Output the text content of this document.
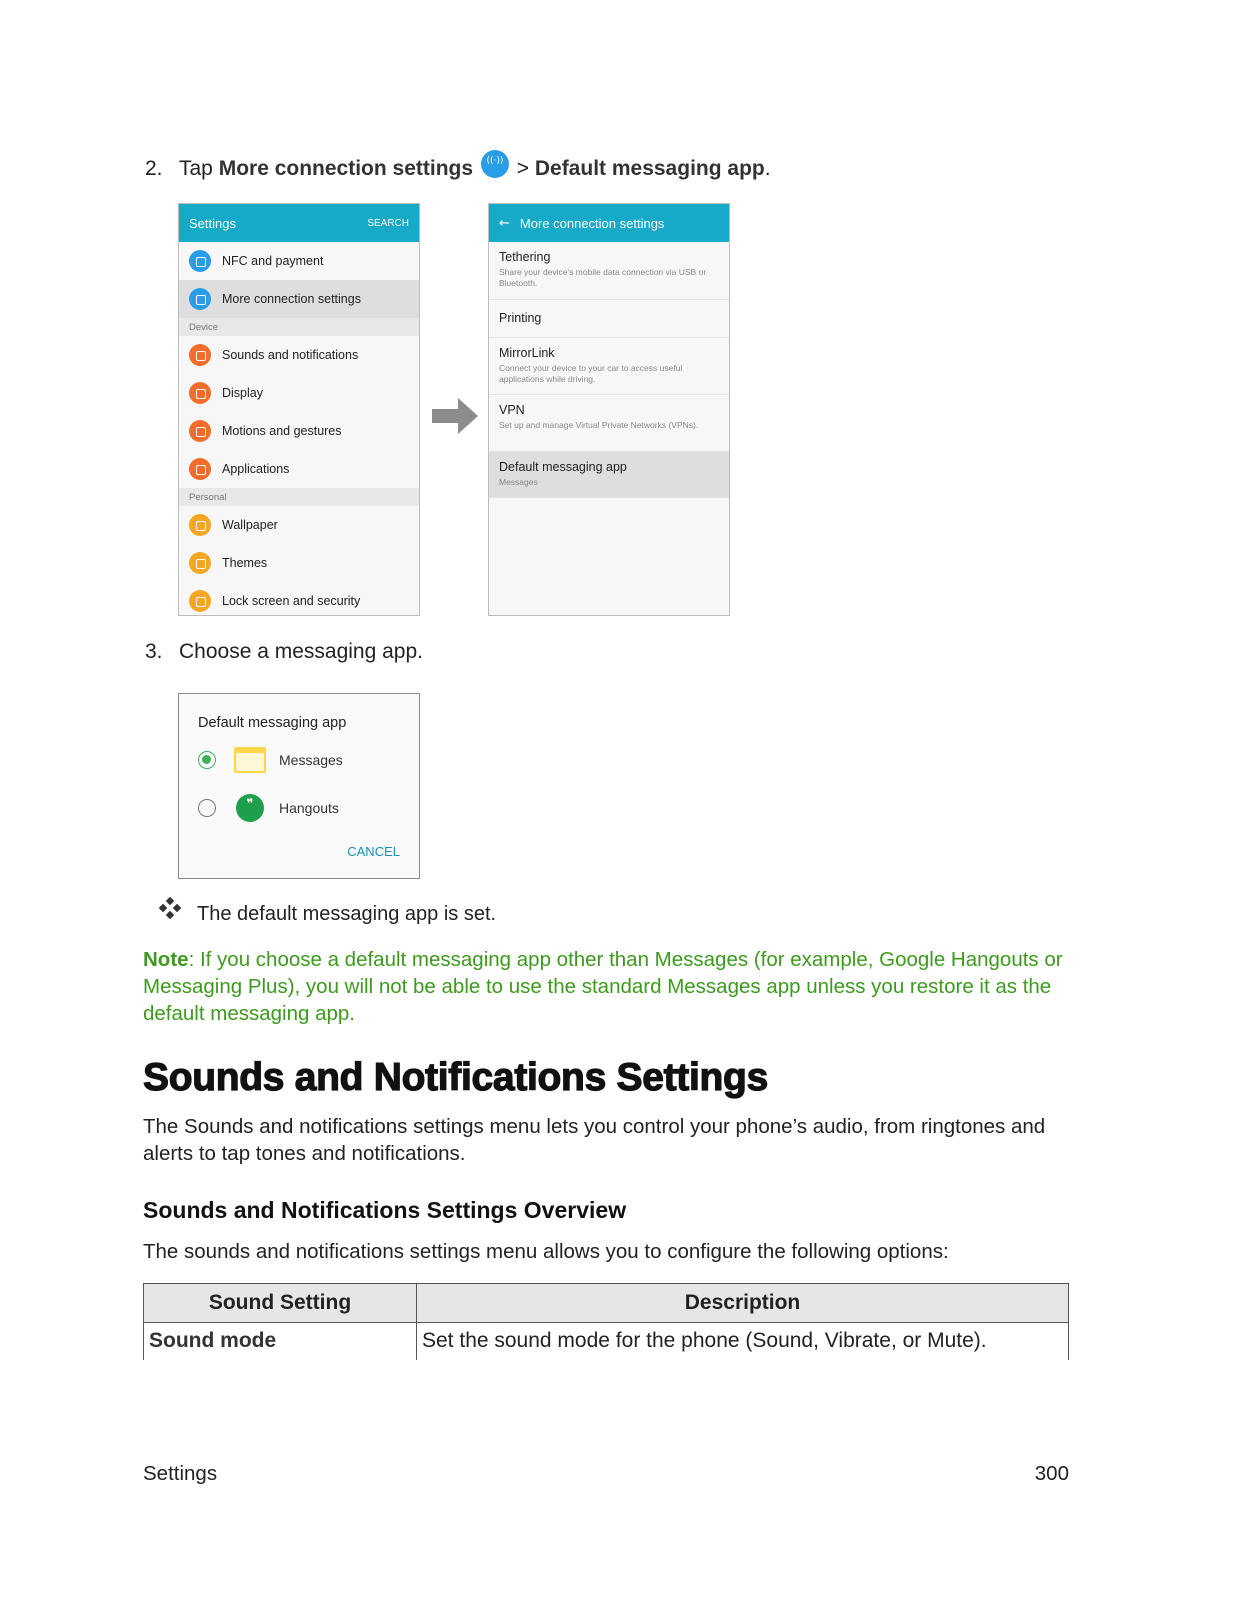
2. Tap More connection settings ((·)) > Default messaging app.
Settings	SEARCH
NFC and payment
More connection settings
Device
Sounds and notifications
Display
Motions and gestures
Applications
Personal
Wallpaper
Themes
Lock screen and security
← More connection settings
Tethering
Share your device's mobile data connection via USB or Bluetooth.
Printing
MirrorLink
Connect your device to your car to access useful applications while driving.
VPN
Set up and manage Virtual Private Networks (VPNs).
Default messaging app
Messages
3. Choose a messaging app.
Default messaging app
Messages
❞
Hangouts
CANCEL
The default messaging app is set.
Note: If you choose a default messaging app other than Messages (for example, Google Hangouts or Messaging Plus), you will not be able to use the standard Messages app unless you restore it as the default messaging app.
Sounds and Notifications Settings
The Sounds and notifications settings menu lets you control your phone’s audio, from ringtones and alerts to tap tones and notifications.
Sounds and Notifications Settings Overview
The sounds and notifications settings menu allows you to configure the following options:
Sound Setting	Description
Sound mode	Set the sound mode for the phone (Sound, Vibrate, or Mute).
Settings	300
